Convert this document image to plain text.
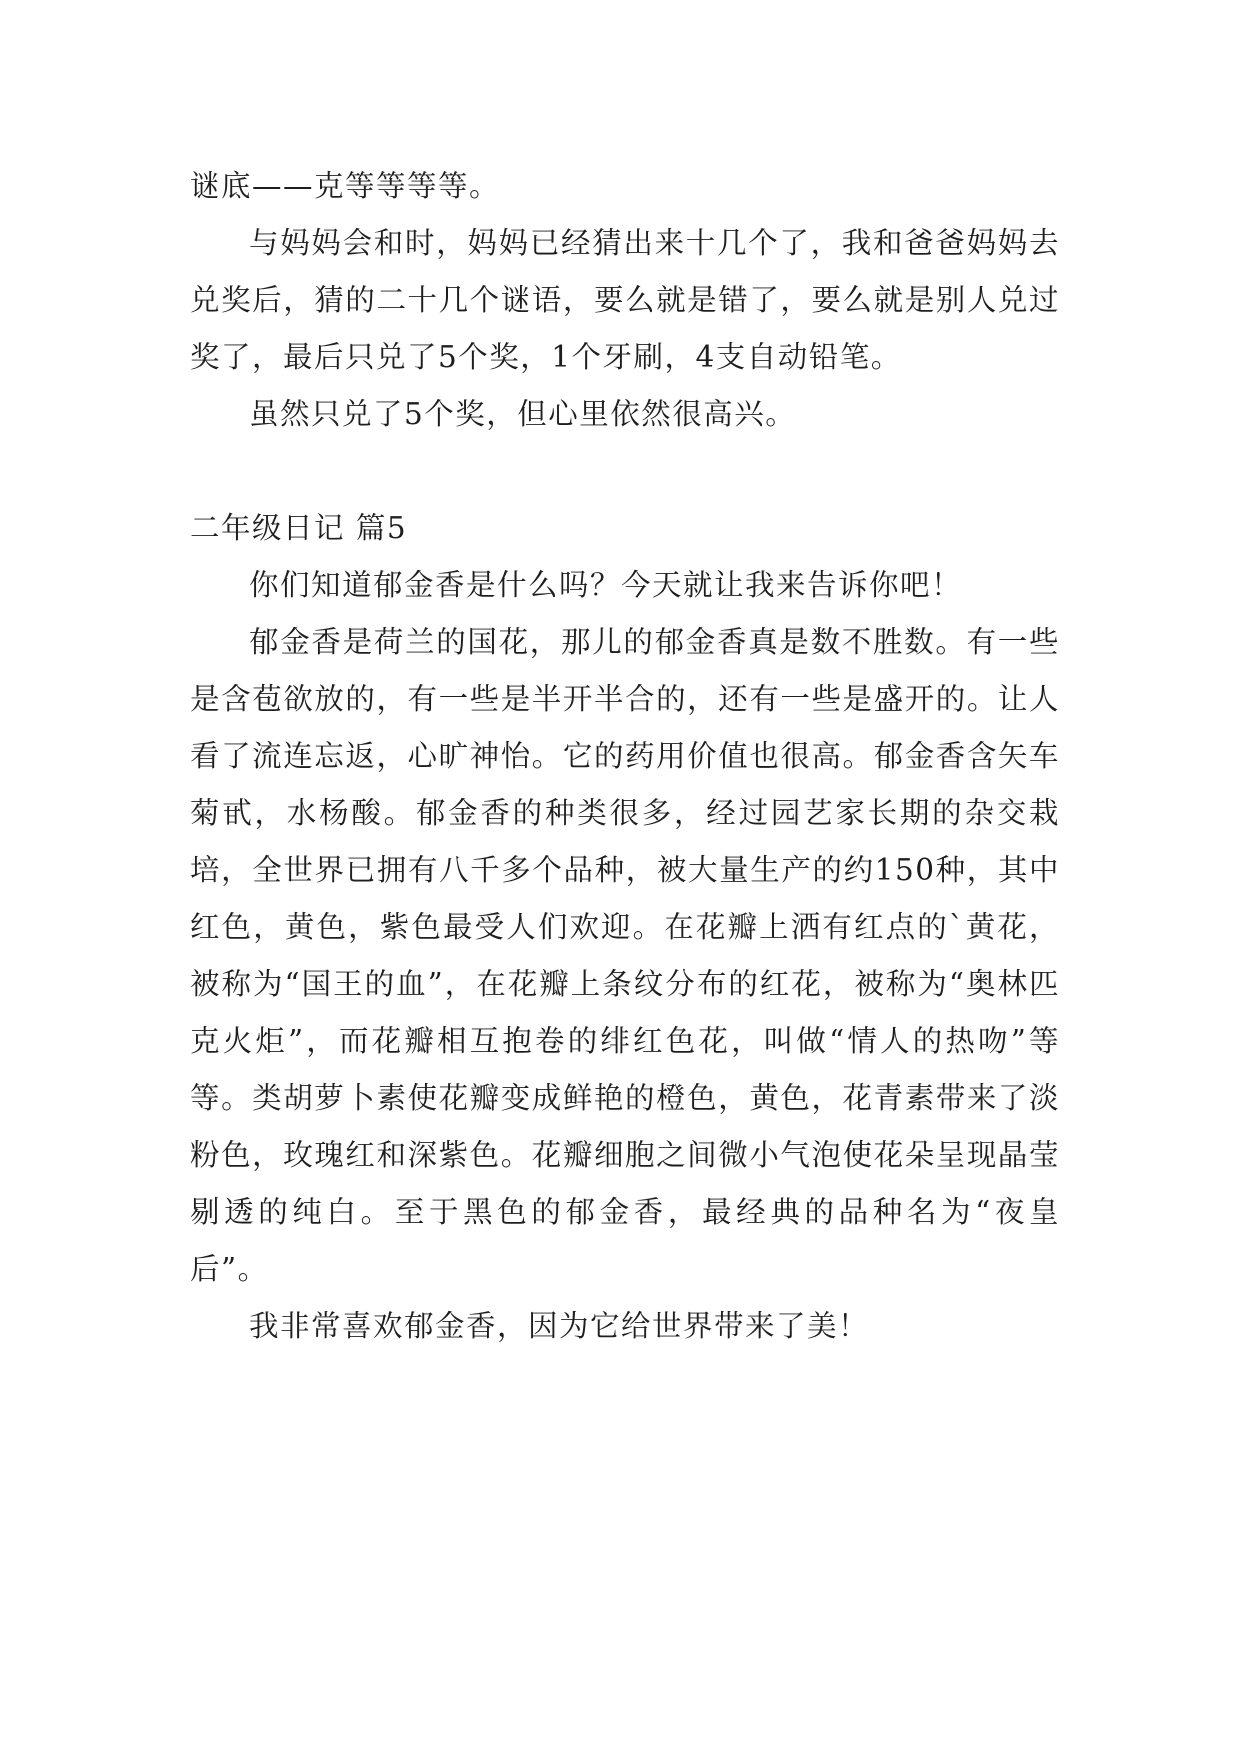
谜底——克等等等等。

与妈妈会和时，妈妈已经猜出来十几个了，我和爸爸妈妈去兑奖后，猜的二十几个谜语，要么就是错了，要么就是别人兑过奖了，最后只兑了5个奖，1个牙刷，4支自动铅笔。

虽然只兑了5个奖，但心里依然很高兴。

二年级日记 篇5

你们知道郁金香是什么吗？今天就让我来告诉你吧！

郁金香是荷兰的国花，那儿的郁金香真是数不胜数。有一些是含苞欲放的，有一些是半开半合的，还有一些是盛开的。让人看了流连忘返，心旷神怡。它的药用价值也很高。郁金香含矢车菊甙，水杨酸。郁金香的种类很多，经过园艺家长期的杂交栽培，全世界已拥有八千多个品种，被大量生产的约150种，其中红色，黄色，紫色最受人们欢迎。在花瓣上洒有红点的`黄花，被称为“国王的血”，在花瓣上条纹分布的红花，被称为“奥林匹克火炬”，而花瓣相互抱卷的绯红色花，叫做“情人的热吻”等等。类胡萝卜素使花瓣变成鲜艳的橙色，黄色，花青素带来了淡粉色，玫瑰红和深紫色。花瓣细胞之间微小气泡使花朵呈现晶莹剔透的纯白。至于黑色的郁金香，最经典的品种名为“夜皇后”。

我非常喜欢郁金香，因为它给世界带来了美！
